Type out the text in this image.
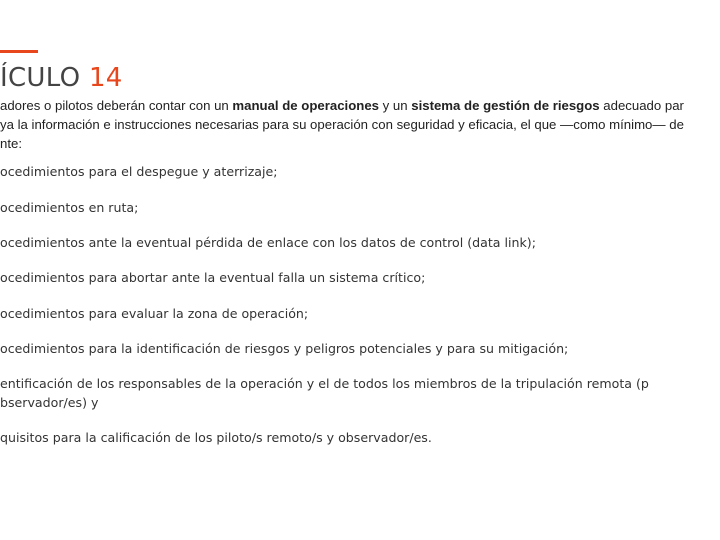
ÍCULO 14

adores o pilotos deberán contar con un manual de operaciones y un sistema de gestión de riesgos adecuado par
ya la información e instrucciones necesarias para su operación con seguridad y eficacia, el que —como mínimo— de
nte:

ocedimientos para el despegue y aterrizaje;
ocedimientos en ruta;
ocedimientos ante la eventual pérdida de enlace con los datos de control (data link);
ocedimientos para abortar ante la eventual falla un sistema crítico;
ocedimientos para evaluar la zona de operación;
ocedimientos para la identificación de riesgos y peligros potenciales y para su mitigación;
entificación de los responsables de la operación y el de todos los miembros de la tripulación remota (p
bservador/es) y
quisitos para la calificación de los piloto/s remoto/s y observador/es.
